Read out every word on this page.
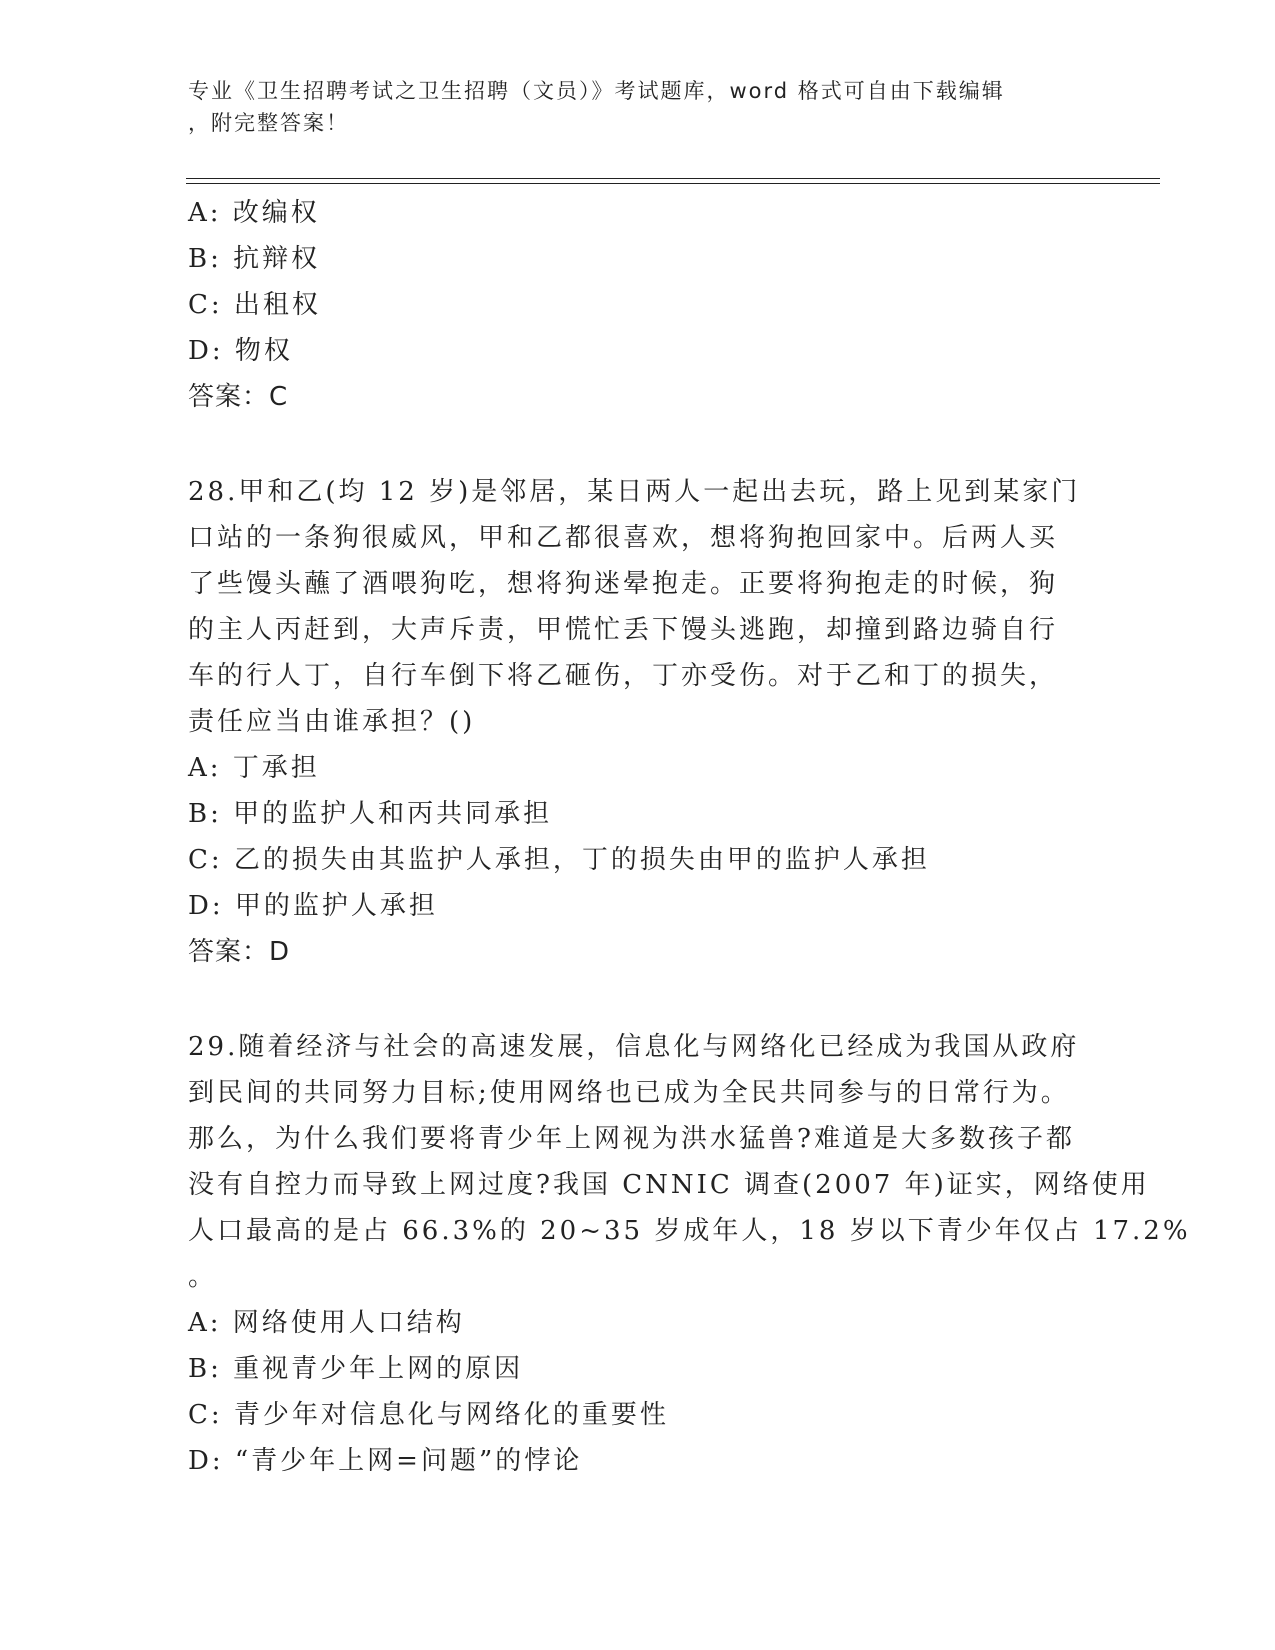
专业《卫生招聘考试之卫生招聘（文员）》考试题库，word 格式可自由下载编辑
，附完整答案！
A: 改编权
B: 抗辩权
C: 出租权
D: 物权
答案：C
28.甲和乙(均 12 岁)是邻居，某日两人一起出去玩，路上见到某家门
口站的一条狗很威风，甲和乙都很喜欢，想将狗抱回家中。后两人买
了些馒头蘸了酒喂狗吃，想将狗迷晕抱走。正要将狗抱走的时候，狗
的主人丙赶到，大声斥责，甲慌忙丢下馒头逃跑，却撞到路边骑自行
车的行人丁，自行车倒下将乙砸伤，丁亦受伤。对于乙和丁的损失，
责任应当由谁承担？()
A: 丁承担
B: 甲的监护人和丙共同承担
C: 乙的损失由其监护人承担，丁的损失由甲的监护人承担
D: 甲的监护人承担
答案：D
29.随着经济与社会的高速发展，信息化与网络化已经成为我国从政府
到民间的共同努力目标;使用网络也已成为全民共同参与的日常行为。
那么，为什么我们要将青少年上网视为洪水猛兽?难道是大多数孩子都
没有自控力而导致上网过度?我国 CNNIC 调查(2007 年)证实，网络使用
人口最高的是占 66.3%的 20~35 岁成年人，18 岁以下青少年仅占 17.2%
。
A: 网络使用人口结构
B: 重视青少年上网的原因
C: 青少年对信息化与网络化的重要性
D: “青少年上网=问题”的悖论
